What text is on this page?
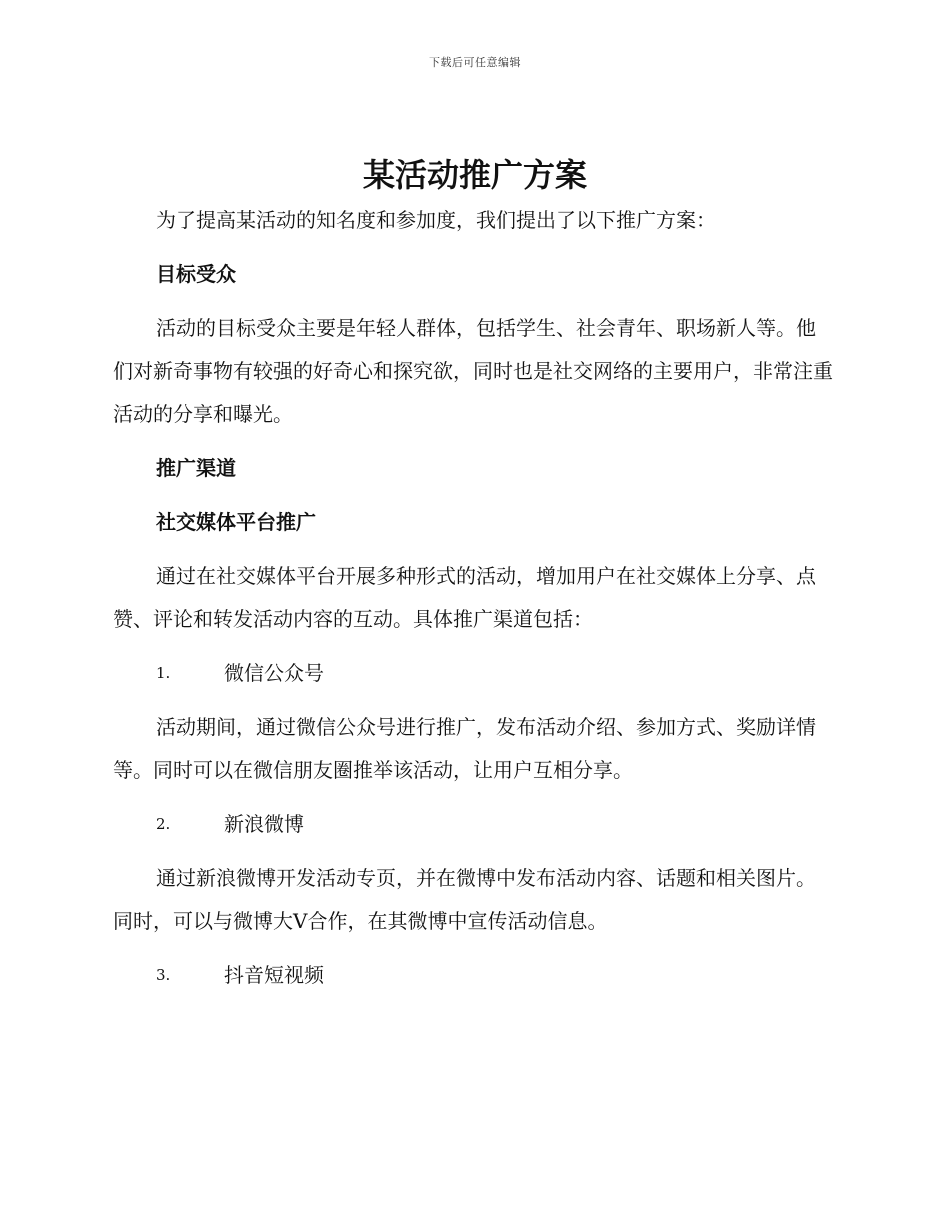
下载后可任意编辑
某活动推广方案

为了提高某活动的知名度和参加度，我们提出了以下推广方案：

目标受众

活动的目标受众主要是年轻人群体，包括学生、社会青年、职场新人等。他们对新奇事物有较强的好奇心和探究欲，同时也是社交网络的主要用户，非常注重活动的分享和曝光。

推广渠道

社交媒体平台推广

通过在社交媒体平台开展多种形式的活动，增加用户在社交媒体上分享、点赞、评论和转发活动内容的互动。具体推广渠道包括：

1.	微信公众号

活动期间，通过微信公众号进行推广，发布活动介绍、参加方式、奖励详情等。同时可以在微信朋友圈推举该活动，让用户互相分享。

2.	新浪微博

通过新浪微博开发活动专页，并在微博中发布活动内容、话题和相关图片。同时，可以与微博大V合作，在其微博中宣传活动信息。

3.	抖音短视频
